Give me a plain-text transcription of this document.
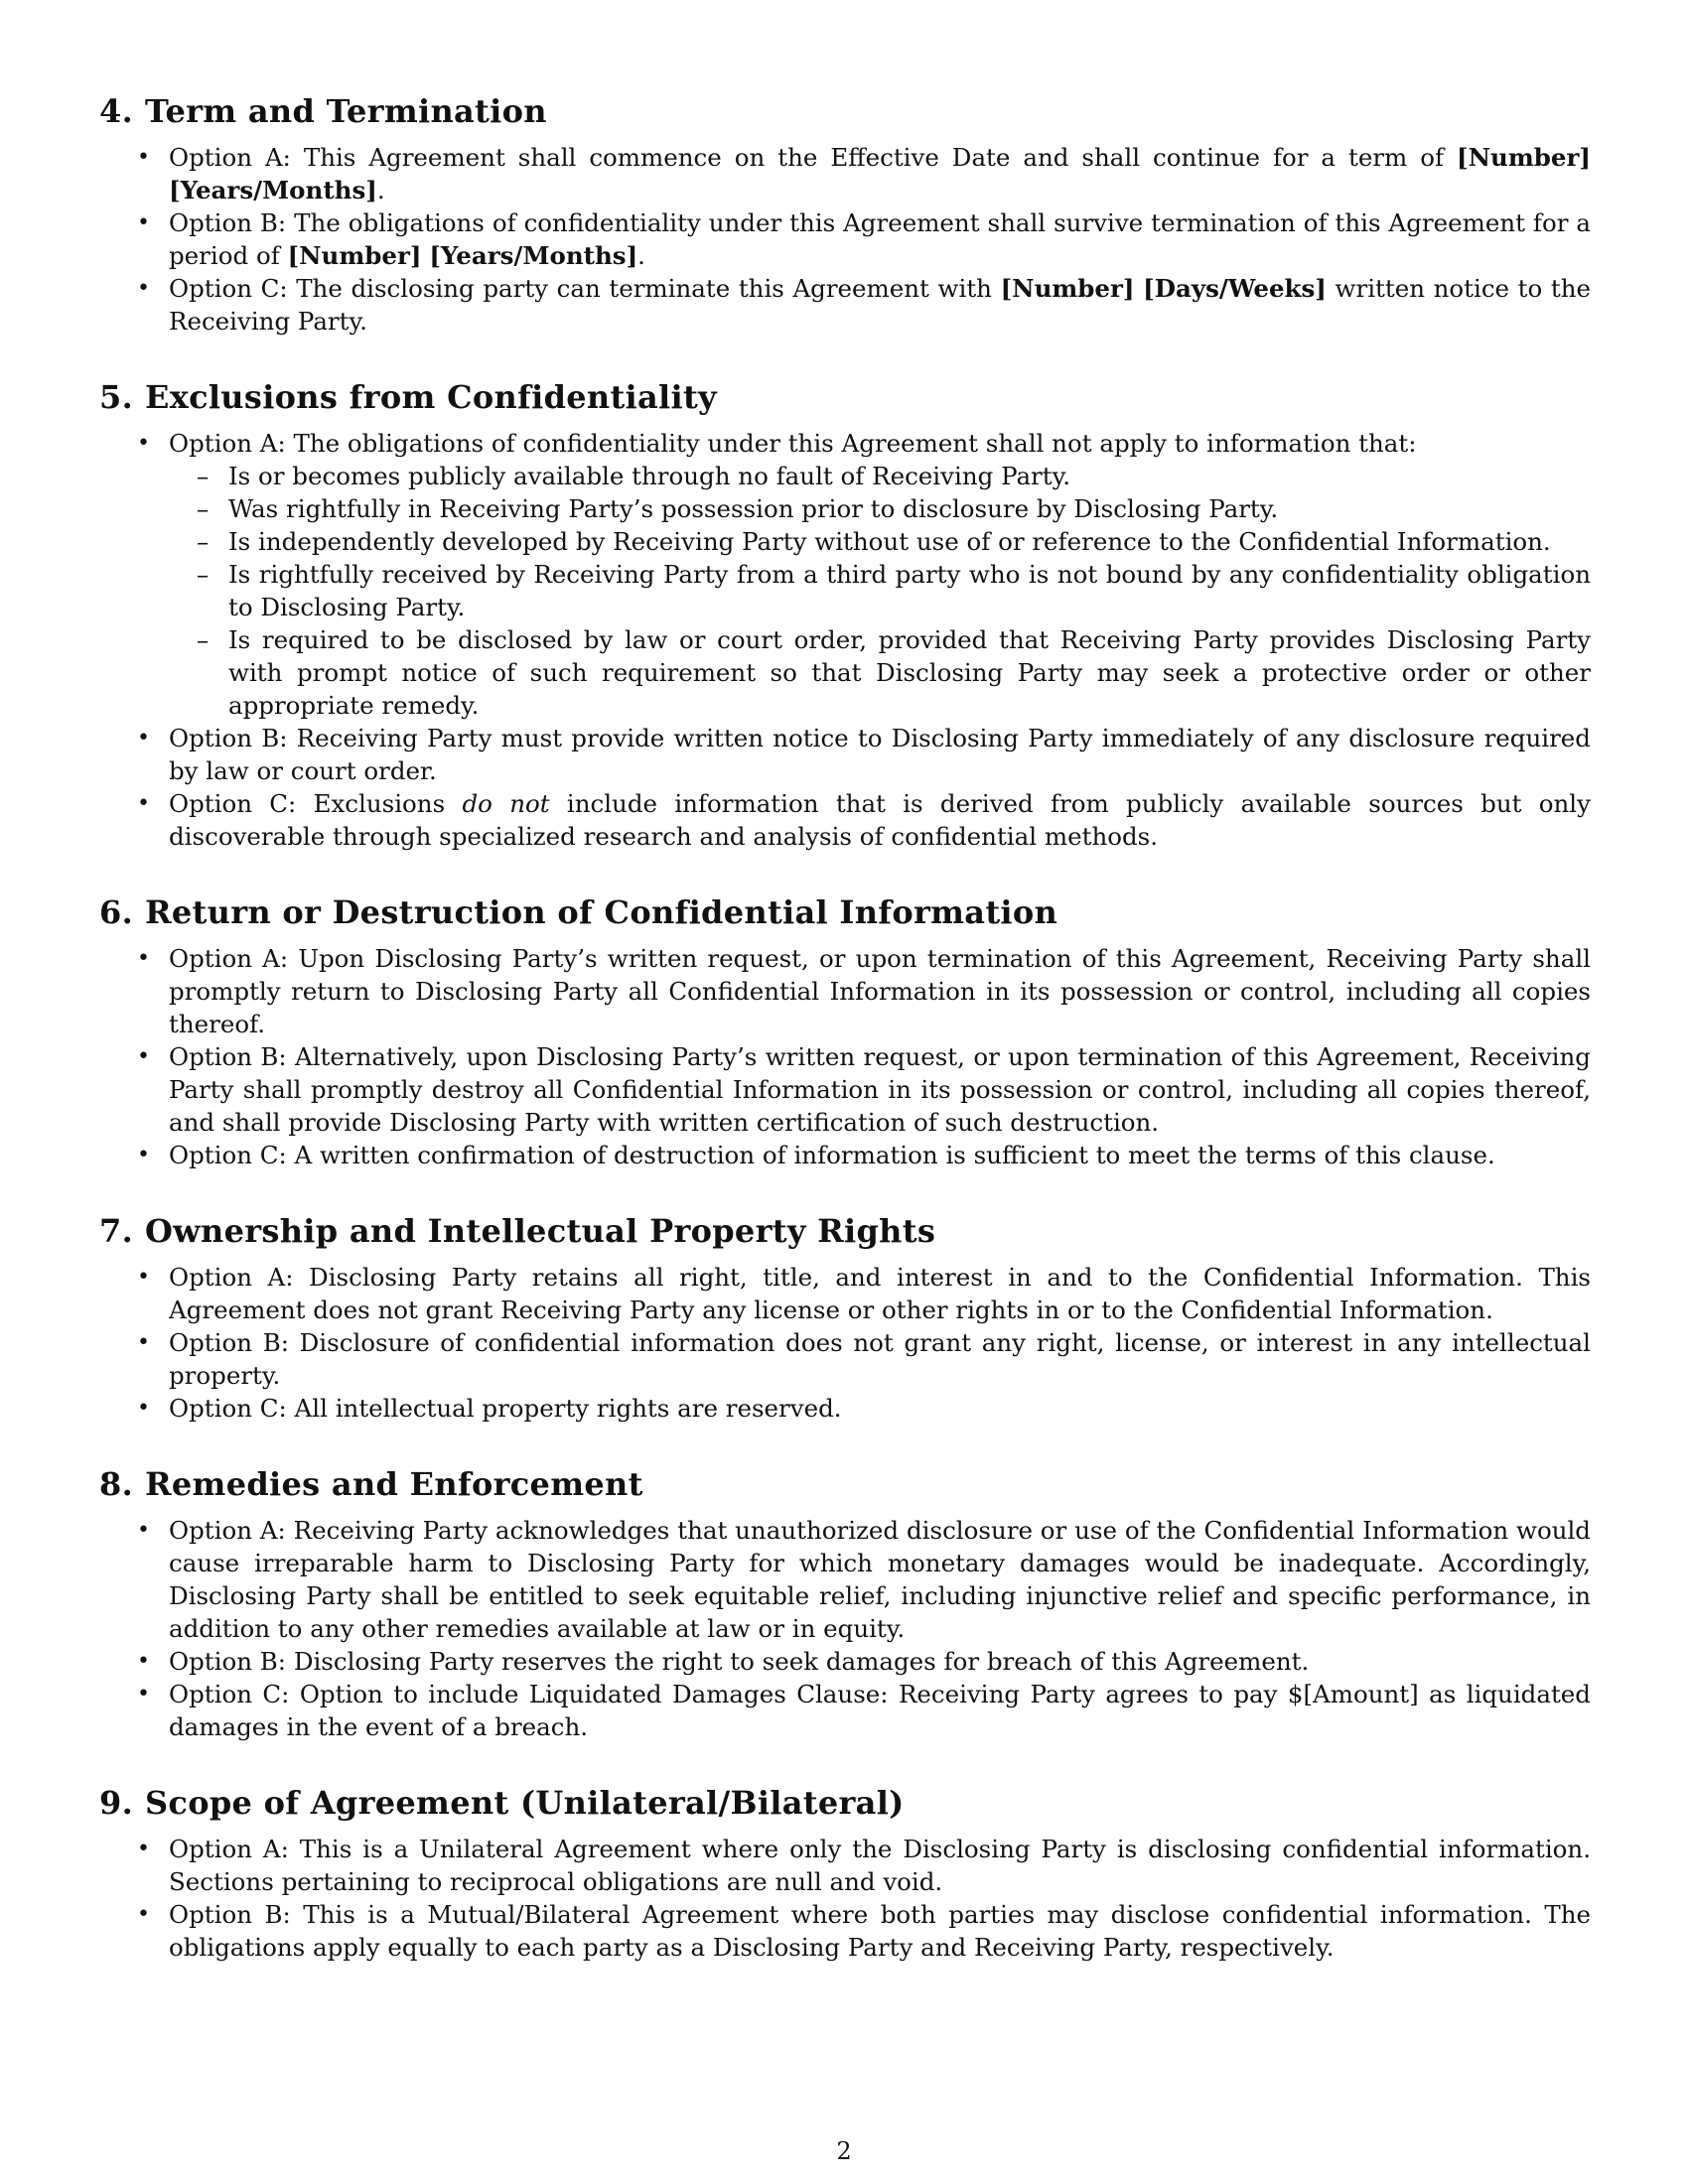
4. Term and Termination
• Option A: This Agreement shall commence on the Effective Date and shall continue for a term of [Number] [Years/Months].
• Option B: The obligations of confidentiality under this Agreement shall survive termination of this Agreement for a period of [Number] [Years/Months].
• Option C: The disclosing party can terminate this Agreement with [Number] [Days/Weeks] written notice to the Receiving Party.
5. Exclusions from Confidentiality
• Option A: The obligations of confidentiality under this Agreement shall not apply to information that:
– Is or becomes publicly available through no fault of Receiving Party.
– Was rightfully in Receiving Party’s possession prior to disclosure by Disclosing Party.
– Is independently developed by Receiving Party without use of or reference to the Confidential Information.
– Is rightfully received by Receiving Party from a third party who is not bound by any confidentiality obligation to Disclosing Party.
– Is required to be disclosed by law or court order, provided that Receiving Party provides Disclosing Party with prompt notice of such requirement so that Disclosing Party may seek a protective order or other appropriate remedy.
• Option B: Receiving Party must provide written notice to Disclosing Party immediately of any disclosure required by law or court order.
• Option C: Exclusions do not include information that is derived from publicly available sources but only discoverable through specialized research and analysis of confidential methods.
6. Return or Destruction of Confidential Information
• Option A: Upon Disclosing Party’s written request, or upon termination of this Agreement, Receiving Party shall promptly return to Disclosing Party all Confidential Information in its possession or control, including all copies thereof.
• Option B: Alternatively, upon Disclosing Party’s written request, or upon termination of this Agreement, Receiving Party shall promptly destroy all Confidential Information in its possession or control, including all copies thereof, and shall provide Disclosing Party with written certification of such destruction.
• Option C: A written confirmation of destruction of information is sufficient to meet the terms of this clause.
7. Ownership and Intellectual Property Rights
• Option A: Disclosing Party retains all right, title, and interest in and to the Confidential Information. This Agreement does not grant Receiving Party any license or other rights in or to the Confidential Information.
• Option B: Disclosure of confidential information does not grant any right, license, or interest in any intellectual property.
• Option C: All intellectual property rights are reserved.
8. Remedies and Enforcement
• Option A: Receiving Party acknowledges that unauthorized disclosure or use of the Confidential Information would cause irreparable harm to Disclosing Party for which monetary damages would be inadequate. Accordingly, Disclosing Party shall be entitled to seek equitable relief, including injunctive relief and specific performance, in addition to any other remedies available at law or in equity.
• Option B: Disclosing Party reserves the right to seek damages for breach of this Agreement.
• Option C: Option to include Liquidated Damages Clause: Receiving Party agrees to pay $[Amount] as liquidated damages in the event of a breach.
9. Scope of Agreement (Unilateral/Bilateral)
• Option A: This is a Unilateral Agreement where only the Disclosing Party is disclosing confidential information. Sections pertaining to reciprocal obligations are null and void.
• Option B: This is a Mutual/Bilateral Agreement where both parties may disclose confidential information. The obligations apply equally to each party as a Disclosing Party and Receiving Party, respectively.
2
